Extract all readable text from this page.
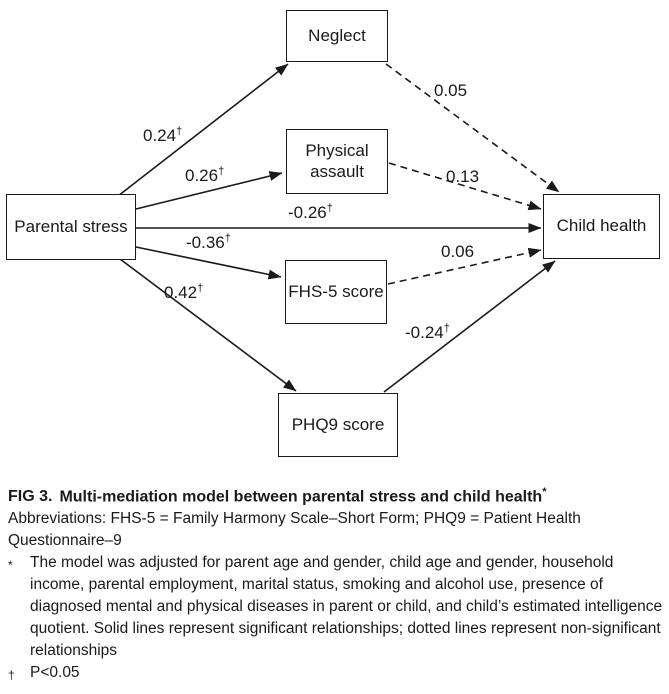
Parental stress
Neglect
Physical assault
FHS-5 score
PHQ9 score
Child health
0.24†
0.26†
-0.26†
-0.36†
0.42†
0.05
0.13
0.06
-0.24†

FIG 3. Multi-mediation model between parental stress and child health*

Abbreviations: FHS-5 = Family Harmony Scale–Short Form; PHQ9 = Patient Health Questionnaire–9

*	The model was adjusted for parent age and gender, child age and gender, household income, parental employment, marital status, smoking and alcohol use, presence of diagnosed mental and physical diseases in parent or child, and child’s estimated intelligence quotient. Solid lines represent significant relationships; dotted lines represent non-significant relationships
† P<0.05
